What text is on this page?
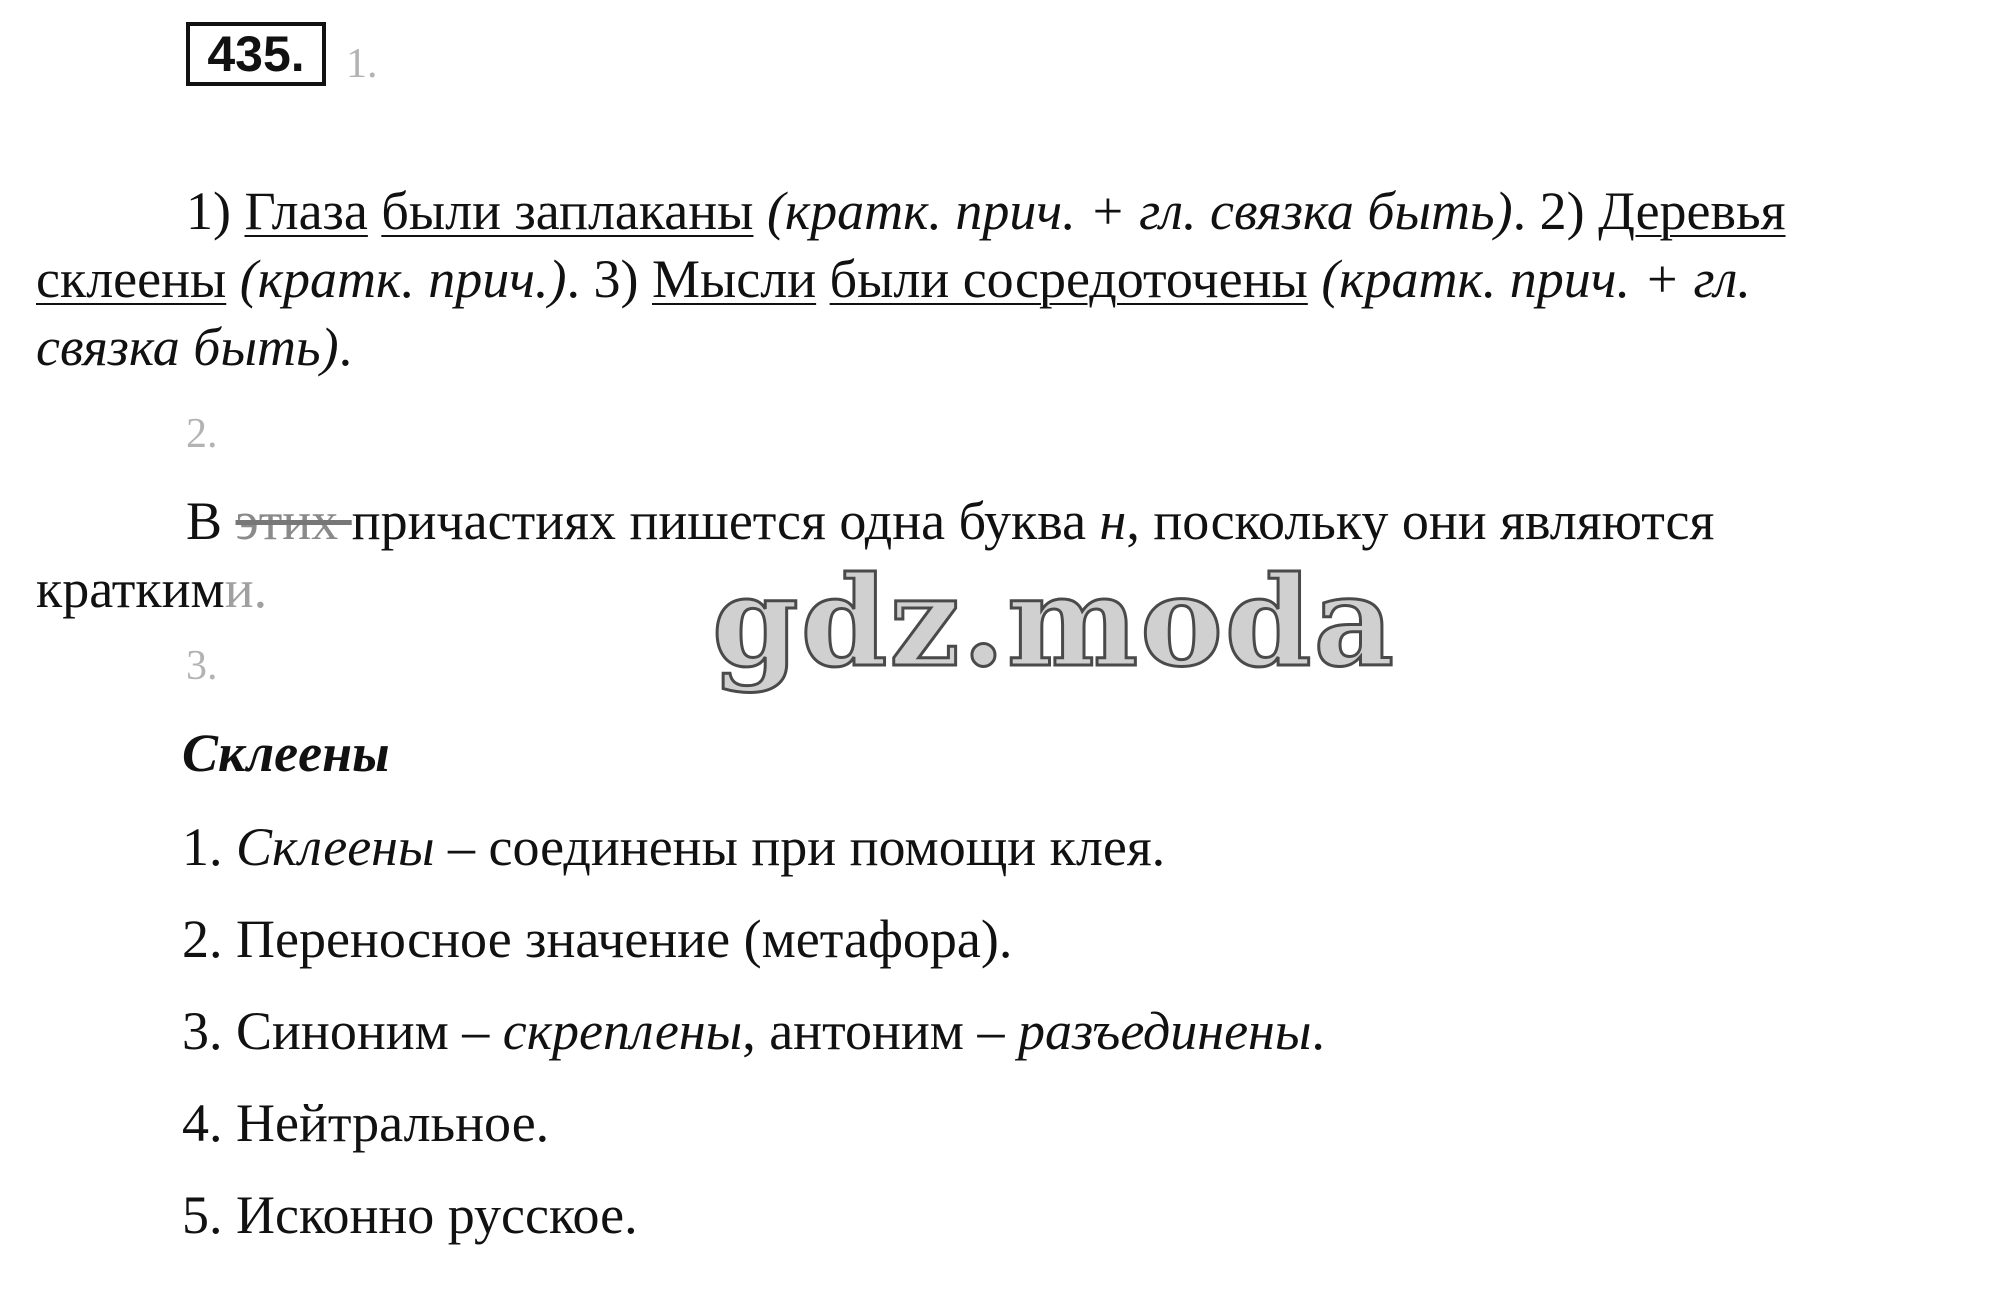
435. 1.
1) Глаза были заплаканы (кратк. прич. + гл. связка быть). 2) Деревья
склеены (кратк. прич.). 3) Мысли были сосредоточены (кратк. прич. + гл.
связка быть).
2.
В этих причастиях пишется одна буква н, поскольку они являются
краткими.	gdz.moda
3.
Склеены
1. Склеены – соединены при помощи клея.
2. Переносное значение (метафора).
3. Синоним – скреплены, антоним – разъединены.
4. Нейтральное.
5. Исконно русское.
